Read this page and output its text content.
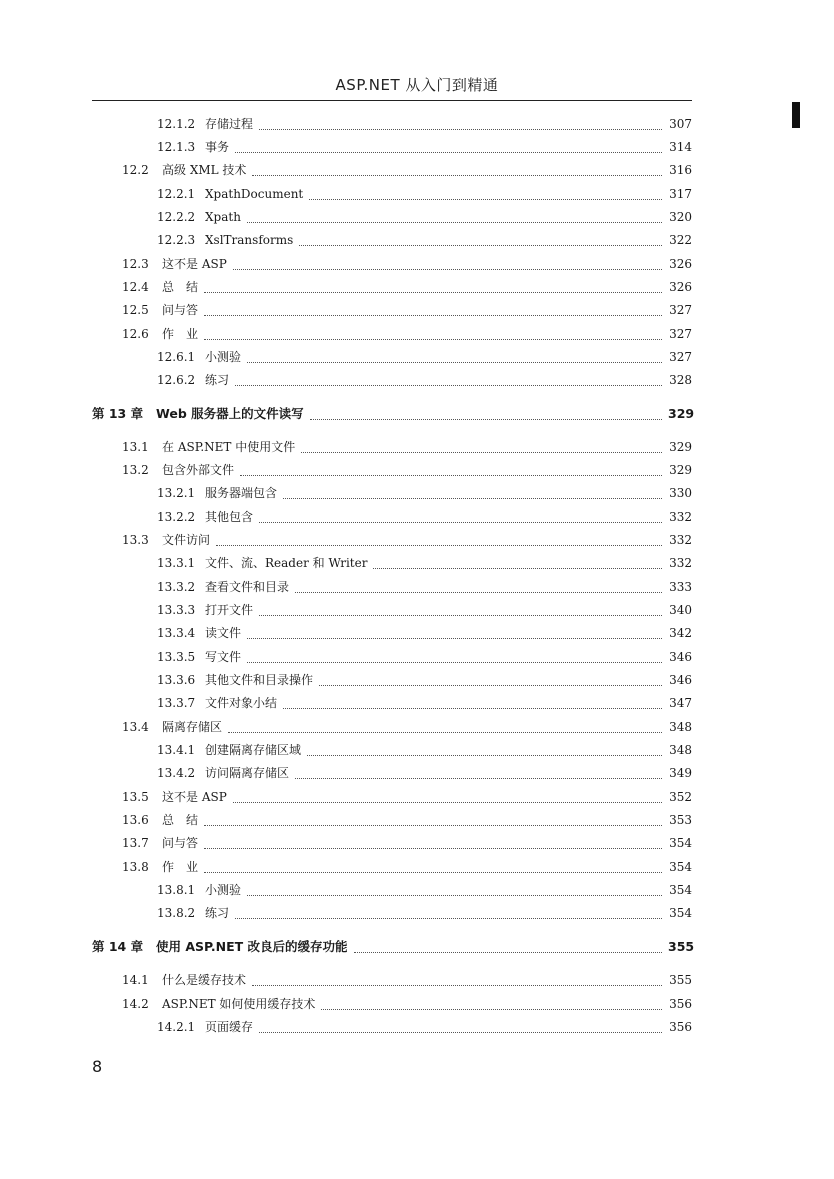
ASP.NET 从入门到精通
12.1.2 存储过程	307
12.1.3 事务	314
12.2	高级 XML 技术	316
12.2.1 XpathDocument	317
12.2.2 Xpath	320
12.2.3 XslTransforms	322
12.3	这不是 ASP	326
12.4	总　结	326
12.5	问与答	327
12.6	作　业	327
12.6.1 小测验	327
12.6.2 练习	328
第 13 章	Web 服务器上的文件读写	329
13.1	在 ASP.NET 中使用文件	329
13.2	包含外部文件	329
13.2.1 服务器端包含	330
13.2.2 其他包含	332
13.3	文件访问	332
13.3.1 文件、流、Reader 和 Writer	332
13.3.2 查看文件和目录	333
13.3.3 打开文件	340
13.3.4 读文件	342
13.3.5 写文件	346
13.3.6 其他文件和目录操作	346
13.3.7 文件对象小结	347
13.4	隔离存储区	348
13.4.1 创建隔离存储区域	348
13.4.2 访问隔离存储区	349
13.5	这不是 ASP	352
13.6	总　结	353
13.7	问与答	354
13.8	作　业	354
13.8.1 小测验	354
13.8.2 练习	354
第 14 章	使用 ASP.NET 改良后的缓存功能	355
14.1	什么是缓存技术	355
14.2	ASP.NET 如何使用缓存技术	356
14.2.1 页面缓存	356
8
